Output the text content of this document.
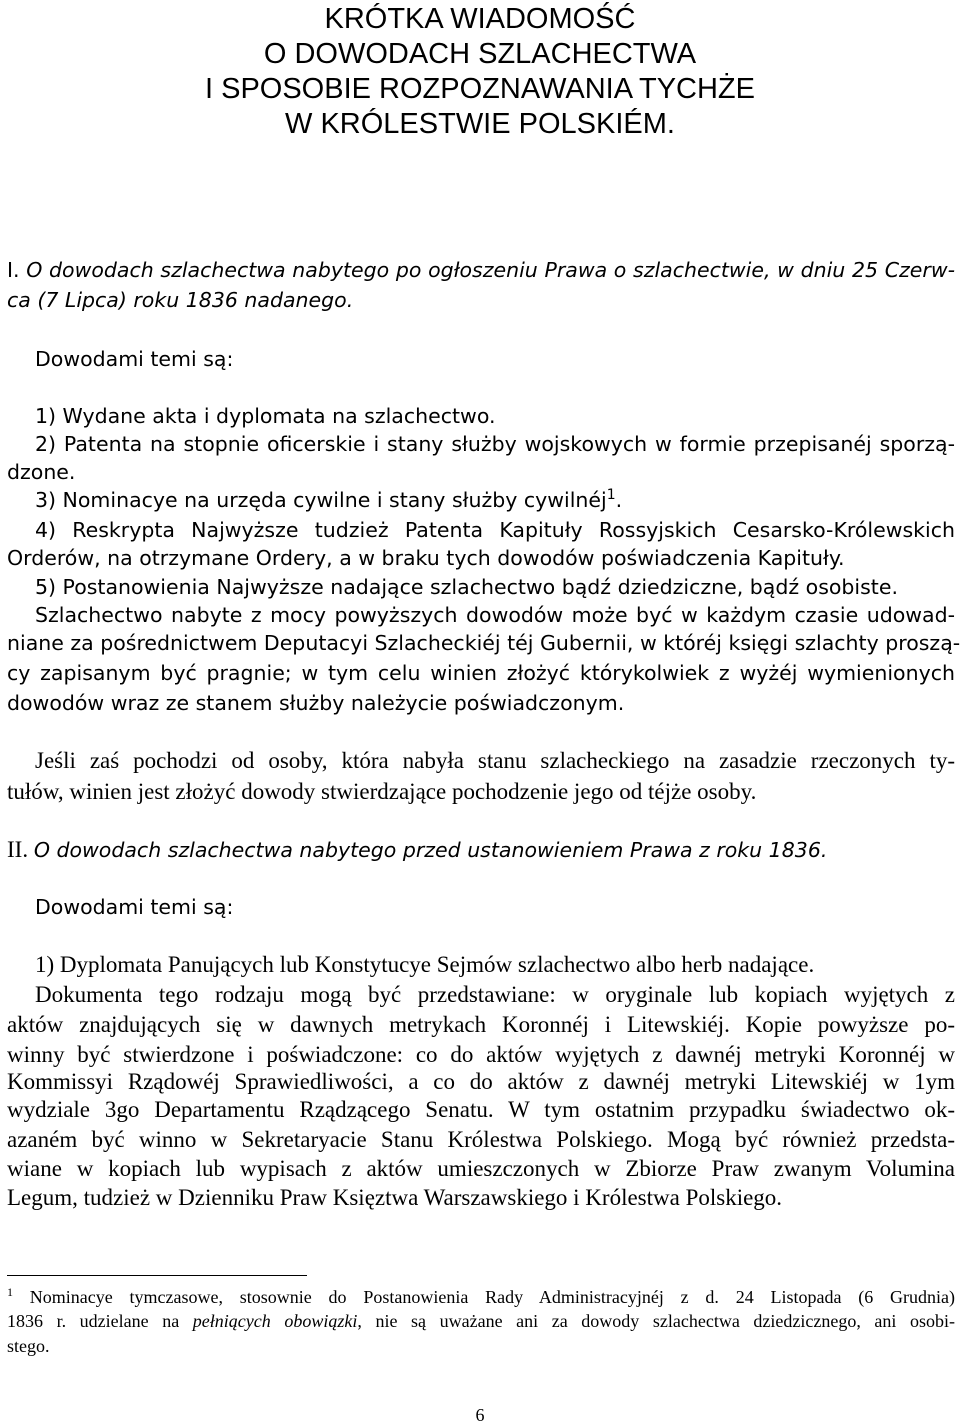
KRÓTKA WIADOMOŚĆ
O DOWODACH SZLACHECTWA
I SPOSOBIE ROZPOZNAWANIA TYCHŻE
W KRÓLESTWIE POLSKIÉM.
I. O dowodach szlachectwa nabytego po ogłoszeniu Prawa o szlachectwie, w dniu 25 Czerw-
ca (7 Lipca) roku 1836 nadanego.
Dowodami temi są:
1) Wydane akta i dyplomata na szlachectwo.
2) Patenta na stopnie oficerskie i stany służby wojskowych w formie przepisanéj sporzą-
dzone.
3) Nominacye na urzęda cywilne i stany służby cywilnéj$^1$.
4) Reskrypta Najwyższe tudzież Patenta Kapituły Rossyjskich Cesarsko-Królewskich
Orderów, na otrzymane Ordery, a w braku tych dowodów poświadczenia Kapituły.
5) Postanowienia Najwyższe nadające szlachectwo bądź dziedziczne, bądź osobiste.
Szlachectwo nabyte z mocy powyższych dowodów może być w każdym czasie udowad-
niane za pośrednictwem Deputacyi Szlacheckiéj téj Gubernii, w któréj księgi szlachty proszą-
cy zapisanym być pragnie; w tym celu winien złożyć którykolwiek z wyżéj wymienionych
dowodów wraz ze stanem służby należycie poświadczonym.
Jeśli zaś pochodzi od osoby, która nabyła stanu szlacheckiego na zasadzie rzeczonych ty-
tułów, winien jest złożyć dowody stwierdzające pochodzenie jego od téjże osoby.
II. O dowodach szlachectwa nabytego przed ustanowieniem Prawa z roku 1836.
Dowodami temi są:
1) Dyplomata Panujących lub Konstytucye Sejmów szlachectwo albo herb nadające.
Dokumenta tego rodzaju mogą być przedstawiane: w oryginale lub kopiach wyjętych z
aktów znajdujących się w dawnych metrykach Koronnéj i Litewskiéj. Kopie powyższe po-
winny być stwierdzone i poświadczone: co do aktów wyjętych z dawnéj metryki Koronnéj w
Kommissyi Rządowéj Sprawiedliwości, a co do aktów z dawnéj metryki Litewskiéj w 1ym
wydziale 3go Departamentu Rządzącego Senatu. W tym ostatnim przypadku świadectwo ok-
azaném być winno w Sekretaryacie Stanu Królestwa Polskiego. Mogą być również przedsta-
wiane w kopiach lub wypisach z aktów umieszczonych w Zbiorze Praw zwanym Volumina
Legum, tudzież w Dzienniku Praw Księztwa Warszawskiego i Królestwa Polskiego.
$^1$ Nominacye tymczasowe, stosownie do Postanowienia Rady Administracyjnéj z d. 24 Listopada (6 Grudnia)
1836 r. udzielane na pełniących obowiązki, nie są uważane ani za dowody szlachectwa dziedzicznego, ani osobi-
stego.
6
